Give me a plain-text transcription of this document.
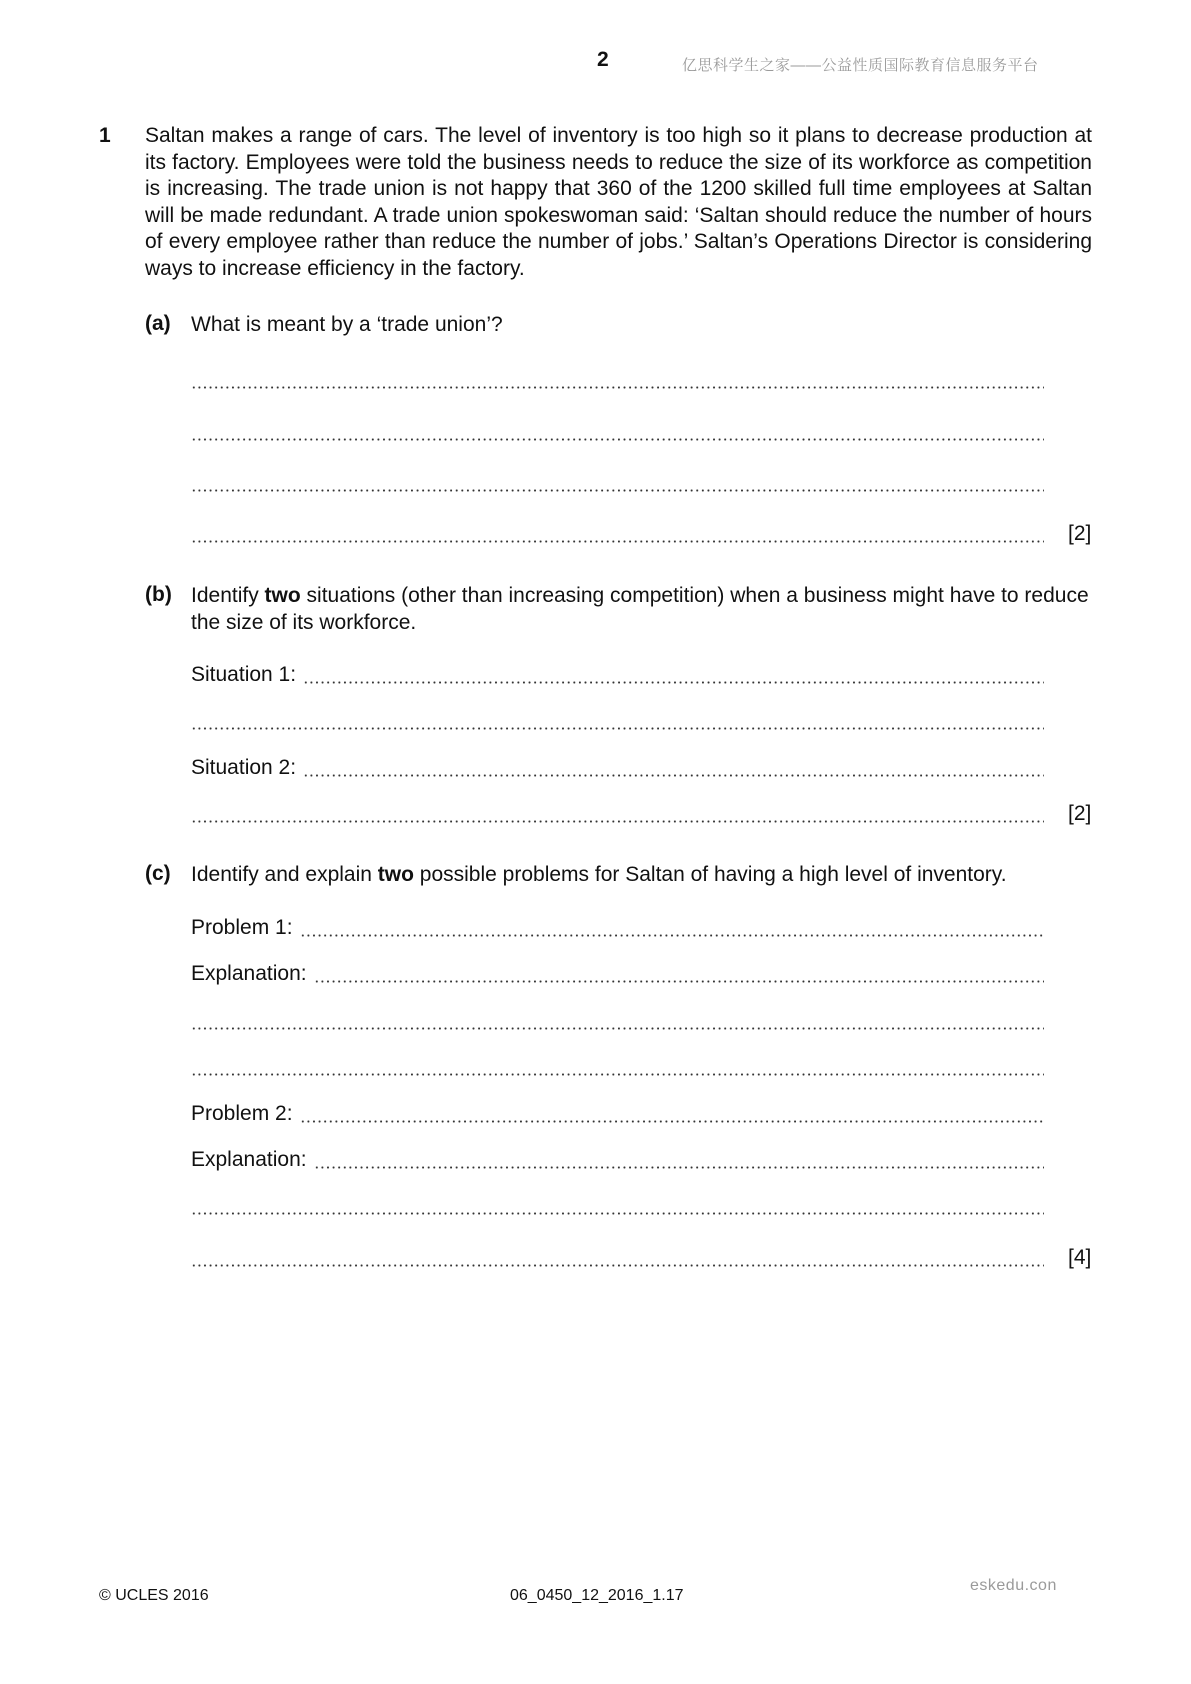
2	亿思科学生之家——公益性质国际教育信息服务平台
1 Saltan makes a range of cars. The level of inventory is too high so it plans to decrease production at its factory. Employees were told the business needs to reduce the size of its workforce as competition is increasing. The trade union is not happy that 360 of the 1200 skilled full time employees at Saltan will be made redundant. A trade union spokeswoman said: ‘Saltan should reduce the number of hours of every employee rather than reduce the number of jobs.’ Saltan’s Operations Director is considering ways to increase efficiency in the factory.

(a) What is meant by a ‘trade union’?

[2]
(b) Identify two situations (other than increasing competition) when a business might have to reduce the size of its workforce.

Situation 1:
Situation 2:
[2]
(c) Identify and explain two possible problems for Saltan of having a high level of inventory.

Problem 1:
Explanation:
Problem 2:
Explanation:
[4]
© UCLES 2016	06_0450_12_2016_1.17
eskedu.con
